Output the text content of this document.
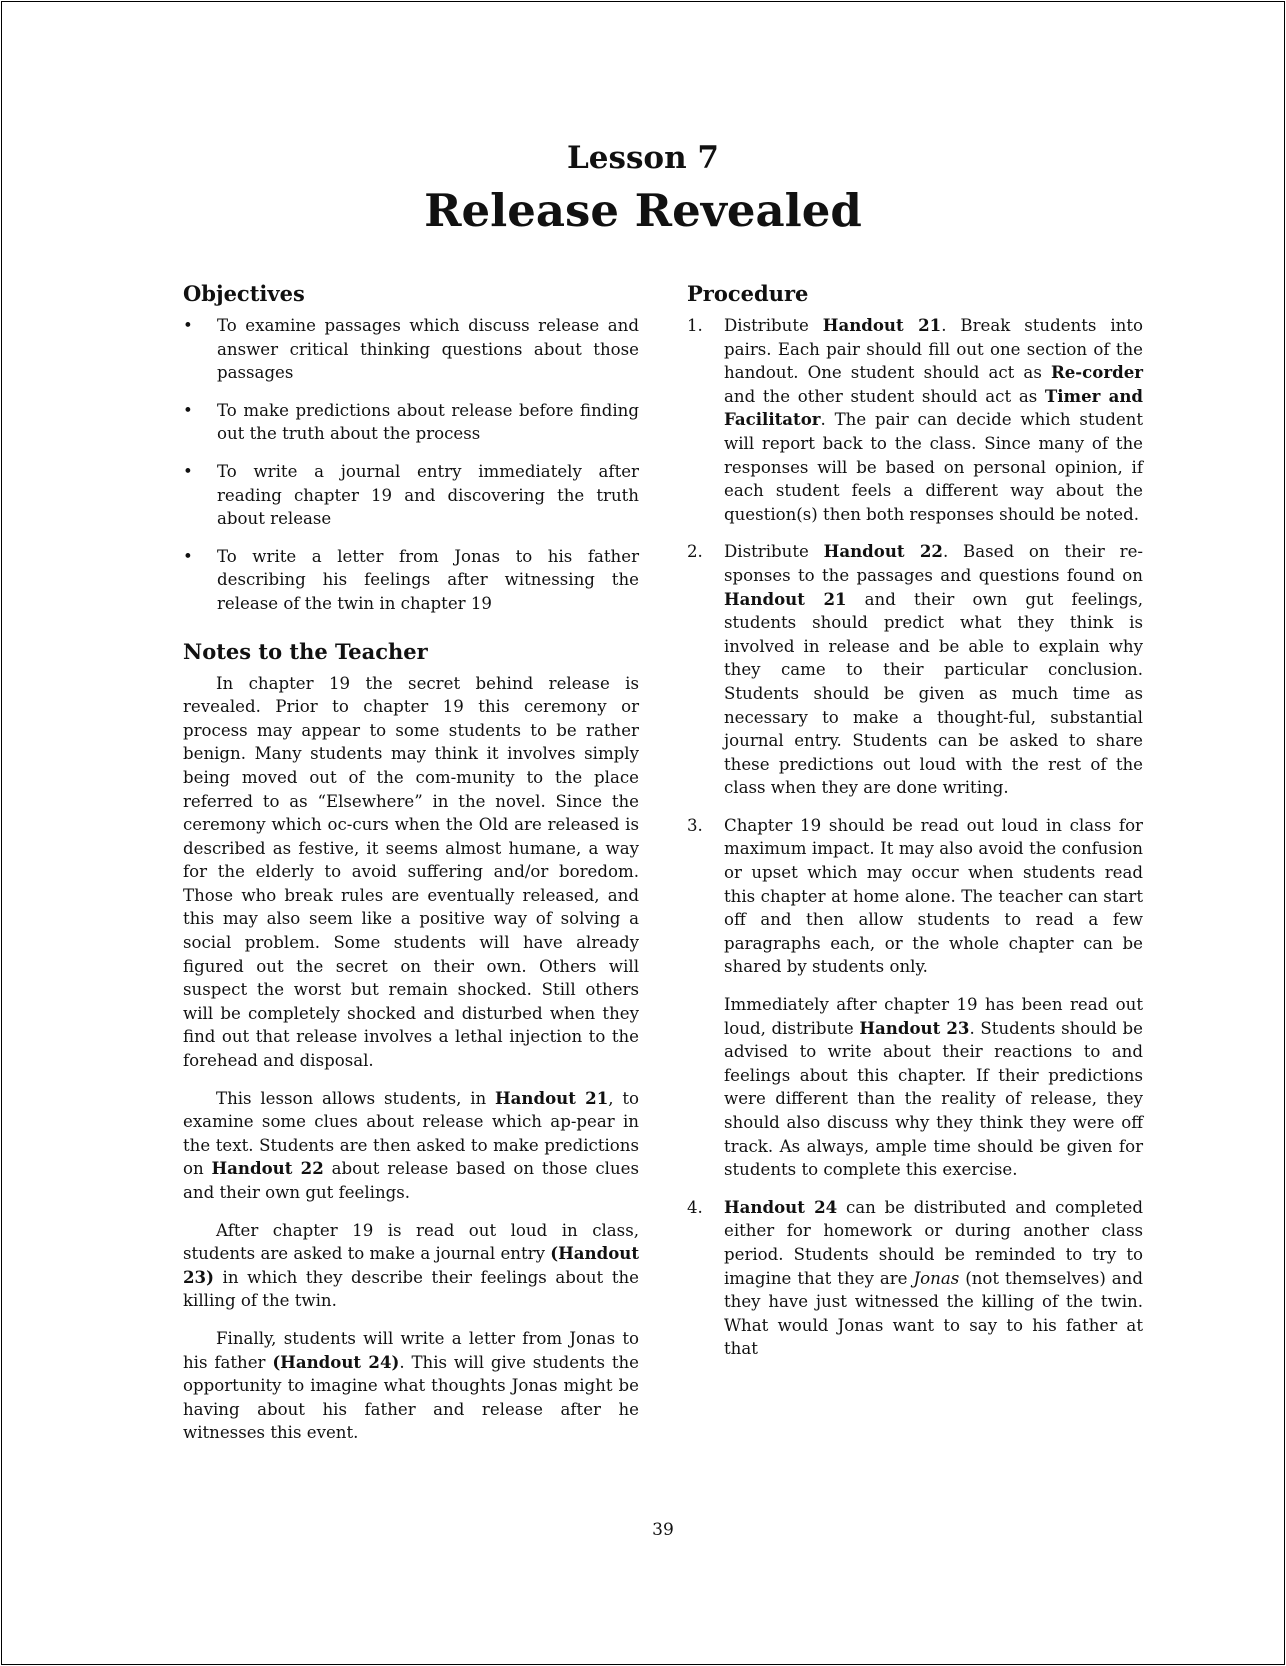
Lesson 7
Release Revealed
Objectives
•	To examine passages which discuss release and answer critical thinking questions about those passages
•	To make predictions about release before finding out the truth about the process
•	To write a journal entry immediately after reading chapter 19 and discovering the truth about release
•	To write a letter from Jonas to his father describing his feelings after witnessing the release of the twin in chapter 19
Notes to the Teacher

In chapter 19 the secret behind release is revealed. Prior to chapter 19 this ceremony or process may appear to some students to be rather benign. Many students may think it involves simply being moved out of the com-munity to the place referred to as “Elsewhere” in the novel. Since the ceremony which oc-curs when the Old are released is described as festive, it seems almost humane, a way for the elderly to avoid suffering and/or boredom. Those who break rules are eventually released, and this may also seem like a positive way of solving a social problem. Some students will have already figured out the secret on their own. Others will suspect the worst but remain shocked. Still others will be completely shocked and disturbed when they find out that release involves a lethal injection to the forehead and disposal.

This lesson allows students, in Handout 21, to examine some clues about release which ap-pear in the text. Students are then asked to make predictions on Handout 22 about release based on those clues and their own gut feelings.

After chapter 19 is read out loud in class, students are asked to make a journal entry (Handout 23) in which they describe their feelings about the killing of the twin.

Finally, students will write a letter from Jonas to his father (Handout 24). This will give students the opportunity to imagine what thoughts Jonas might be having about his father and release after he witnesses this event.

Procedure
1.	Distribute Handout 21. Break students into pairs. Each pair should fill out one section of the handout. One student should act as Re-corder and the other student should act as Timer and Facilitator. The pair can decide which student will report back to the class. Since many of the responses will be based on personal opinion, if each student feels a different way about the question(s) then both responses should be noted.
2.	Distribute Handout 22. Based on their re-sponses to the passages and questions found on Handout 21 and their own gut feelings, students should predict what they think is involved in release and be able to explain why they came to their particular conclusion. Students should be given as much time as necessary to make a thought-ful, substantial journal entry. Students can be asked to share these predictions out loud with the rest of the class when they are done writing.
3.	Chapter 19 should be read out loud in class for maximum impact. It may also avoid the confusion or upset which may occur when students read this chapter at home alone. The teacher can start off and then allow students to read a few paragraphs each, or the whole chapter can be shared by students only.
Immediately after chapter 19 has been read out loud, distribute Handout 23. Students should be advised to write about their reactions to and feelings about this chapter. If their predictions were different than the reality of release, they should also discuss why they think they were off track. As always, ample time should be given for students to complete this exercise.
4.	Handout 24 can be distributed and completed either for homework or during another class period. Students should be reminded to try to imagine that they are Jonas (not themselves) and they have just witnessed the killing of the twin. What would Jonas want to say to his father at that
39
